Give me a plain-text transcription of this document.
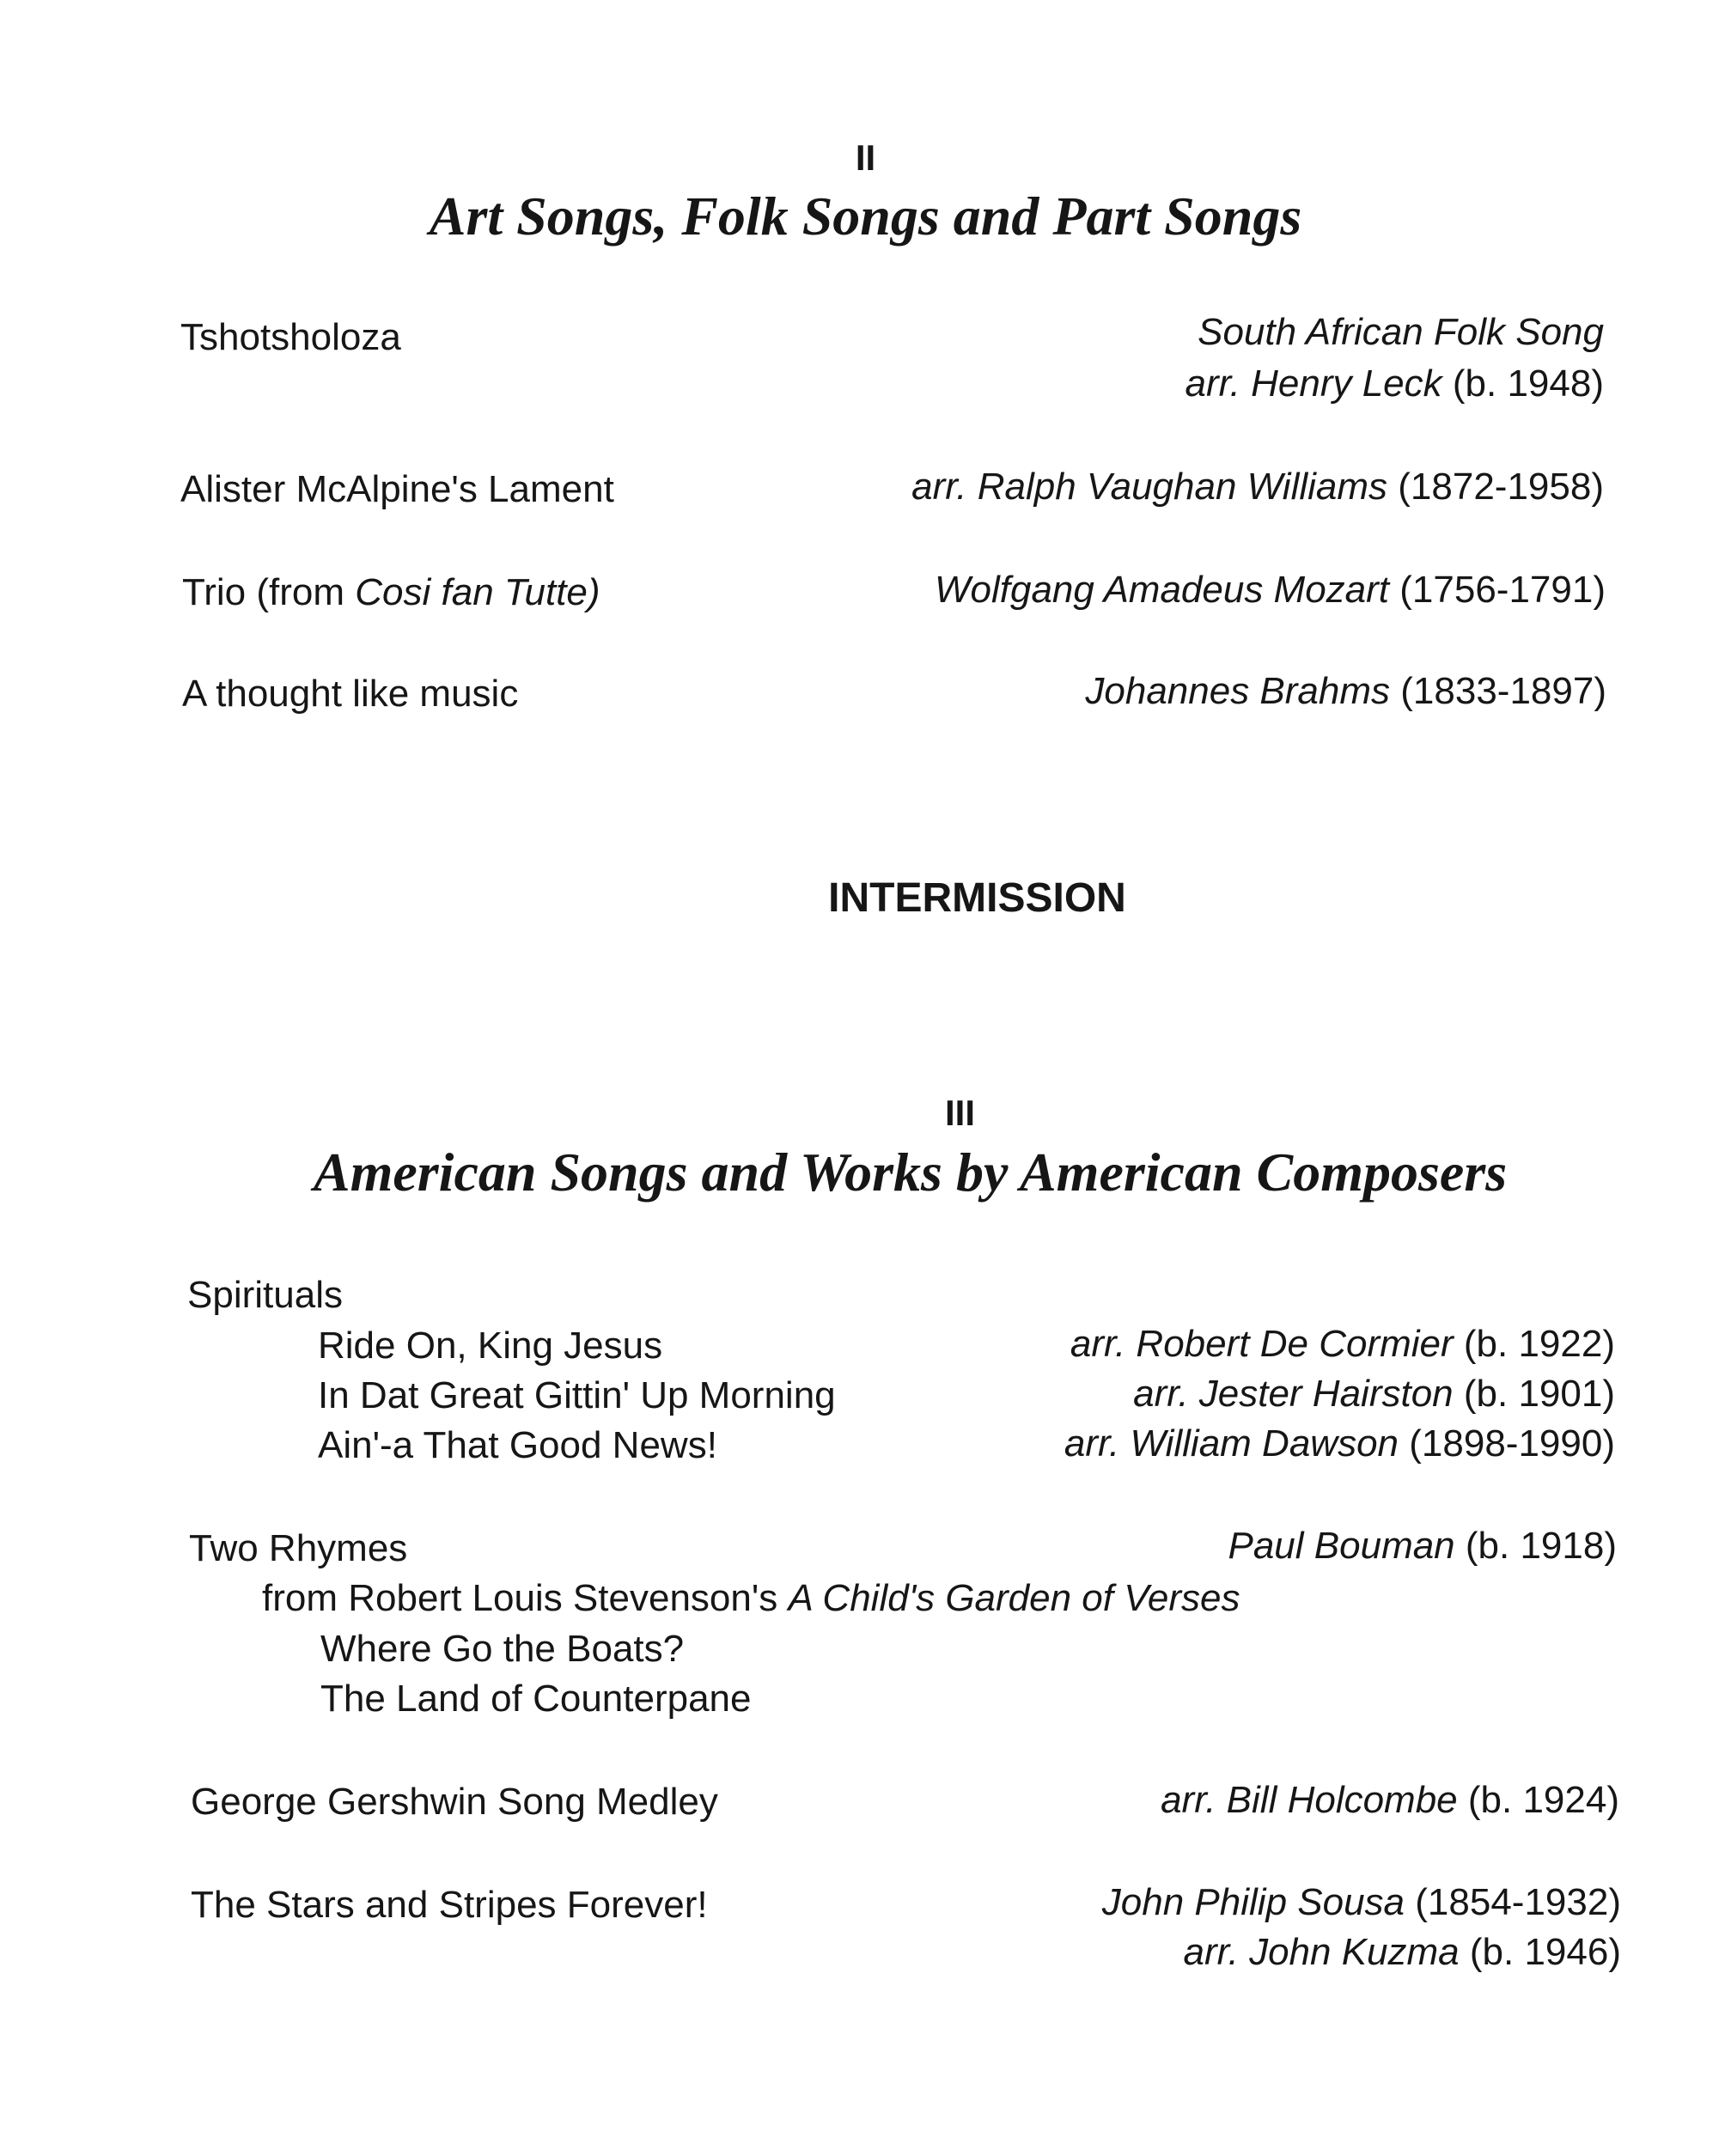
II
Art Songs, Folk Songs and Part Songs
Tshotsholoza	South African Folk Song
arr. Henry Leck (b. 1948)
Alister McAlpine's Lament	arr. Ralph Vaughan Williams (1872-1958)
Trio (from Cosi fan Tutte)	Wolfgang Amadeus Mozart (1756-1791)
A thought like music	Johannes Brahms (1833-1897)
INTERMISSION
III
American Songs and Works by American Composers
Spirituals
Ride On, King Jesus	arr. Robert De Cormier (b. 1922)
In Dat Great Gittin' Up Morning	arr. Jester Hairston (b. 1901)
Ain'-a That Good News!	arr. William Dawson (1898-1990)
Two Rhymes	Paul Bouman (b. 1918)
from Robert Louis Stevenson's A Child's Garden of Verses
Where Go the Boats?
The Land of Counterpane
George Gershwin Song Medley	arr. Bill Holcombe (b. 1924)
The Stars and Stripes Forever!	John Philip Sousa (1854-1932)
arr. John Kuzma (b. 1946)
